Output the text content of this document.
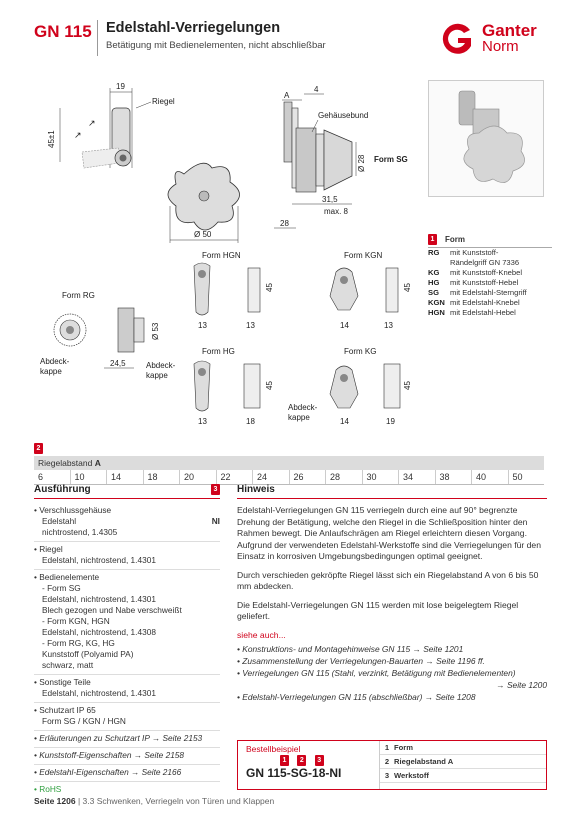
GN 115 Edelstahl-Verriegelungen
Betätigung mit Bedienelementen, nicht abschließbar
Ganter
Norm
19
Riegel
45±1 ↗
↗
Ø 50
A
4
Gehäusebund
Ø 28 Form SG
31,5
max. 8
28
Form RG
Abdeck-
kappe
Ø 53
24,5
Form HGN
45
13	13
Form KGN
45
14	13
Form HG
Abdeck-
kappe
45
13	18
Form KG
Abdeck-
kappe
45
14	19
1	Form
RG	mit Kunststoff-
Rändelgriff GN 7336
KG	mit Kunststoff-Knebel
HG	mit Kunststoff-Hebel
SG	mit Edelstahl-Sterngriff
KGN mit Edelstahl-Knebel
HGN mit Edelstahl-Hebel
2
Riegelabstand A
6	10	14	18	20	22	24	26	28	30	34	38	40	50
Ausführung	3
• Verschlussgehäuse
Edelstahl	NI
nichtrostend, 1.4305
• Riegel
Edelstahl, nichtrostend, 1.4301
• Bedienelemente
- Form SG
Edelstahl, nichtrostend, 1.4301
Blech gezogen und Nabe verschweißt
- Form KGN, HGN
Edelstahl, nichtrostend, 1.4308
- Form RG, KG, HG
Kunststoff (Polyamid PA)
schwarz, matt
• Sonstige Teile
Edelstahl, nichtrostend, 1.4301
• Schutzart IP 65
Form SG / KGN / HGN
• Erläuterungen zu Schutzart IP → Seite 2153
• Kunststoff-Eigenschaften → Seite 2158
• Edelstahl-Eigenschaften → Seite 2166
• RoHS
Hinweis

Edelstahl-Verriegelungen GN 115 verriegeln durch eine auf 90° begrenzte Drehung der Betätigung, welche den Riegel in die Schließposition hinter den Rahmen bewegt. Die Anlaufschrägen am Riegel erleichtern diesen Vorgang. Aufgrund der verwendeten Edelstahl-Werkstoffe sind die Verriegelungen für den Einsatz in korrosiven Umgebungsbedingungen optimal geeignet.

Durch verschieden gekröpfte Riegel lässt sich ein Riegelabstand A von 6 bis 50 mm abdecken.

Die Edelstahl-Verriegelungen GN 115 werden mit lose beigelegtem Riegel geliefert.

siehe auch...
• Konstruktions- und Montagehinweise GN 115 → Seite 1201
• Zusammenstellung der Verriegelungen-Bauarten → Seite 1196 ff.
• Verriegelungen GN 115 (Stahl, verzinkt, Betätigung mit Bedienelementen)
→ Seite 1200
• Edelstahl-Verriegelungen GN 115 (abschließbar) → Seite 1208
Bestellbeispiel
1 2 3
GN 115-SG-18-NI
1 Form
2 Riegelabstand A
3 Werkstoff
Seite 1206 | 3.3 Schwenken, Verriegeln von Türen und Klappen
